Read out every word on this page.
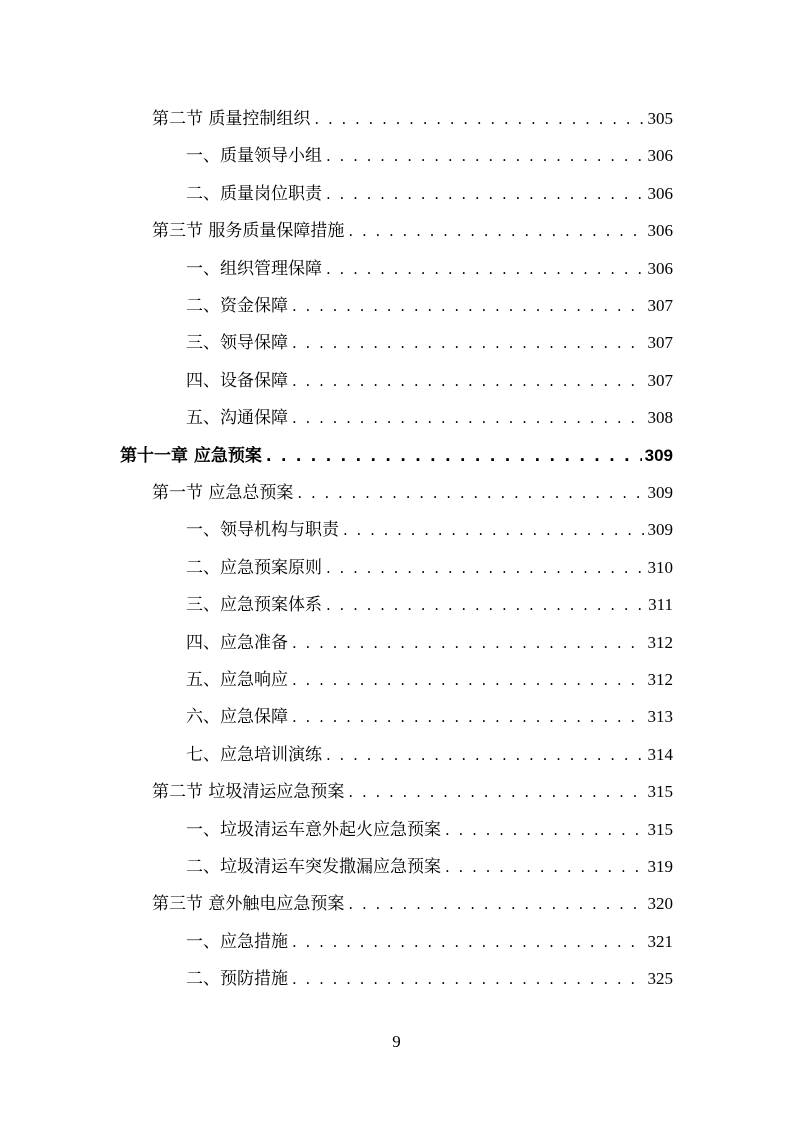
第二节 质量控制组织 . . .	305
一、质量领导小组 . . .	306
二、质量岗位职责 . . .	306
第三节 服务质量保障措施 . . .	306
一、组织管理保障 . . .	306
二、资金保障 . . .	307
三、领导保障 . . .	307
四、设备保障 . . .	307
五、沟通保障 . . .	308
第十一章 应急预案 . . .	309
第一节 应急总预案 . . .	309
一、领导机构与职责 . . .	309
二、应急预案原则 . . .	310
三、应急预案体系 . . .	311
四、应急准备 . . .	312
五、应急响应 . . .	312
六、应急保障 . . .	313
七、应急培训演练 . . .	314
第二节 垃圾清运应急预案 . . .	315
一、垃圾清运车意外起火应急预案 . . .	315
二、垃圾清运车突发撒漏应急预案 . . .	319
第三节 意外触电应急预案 . . .	320
一、应急措施 . . .	321
二、预防措施 . . .	325
9
